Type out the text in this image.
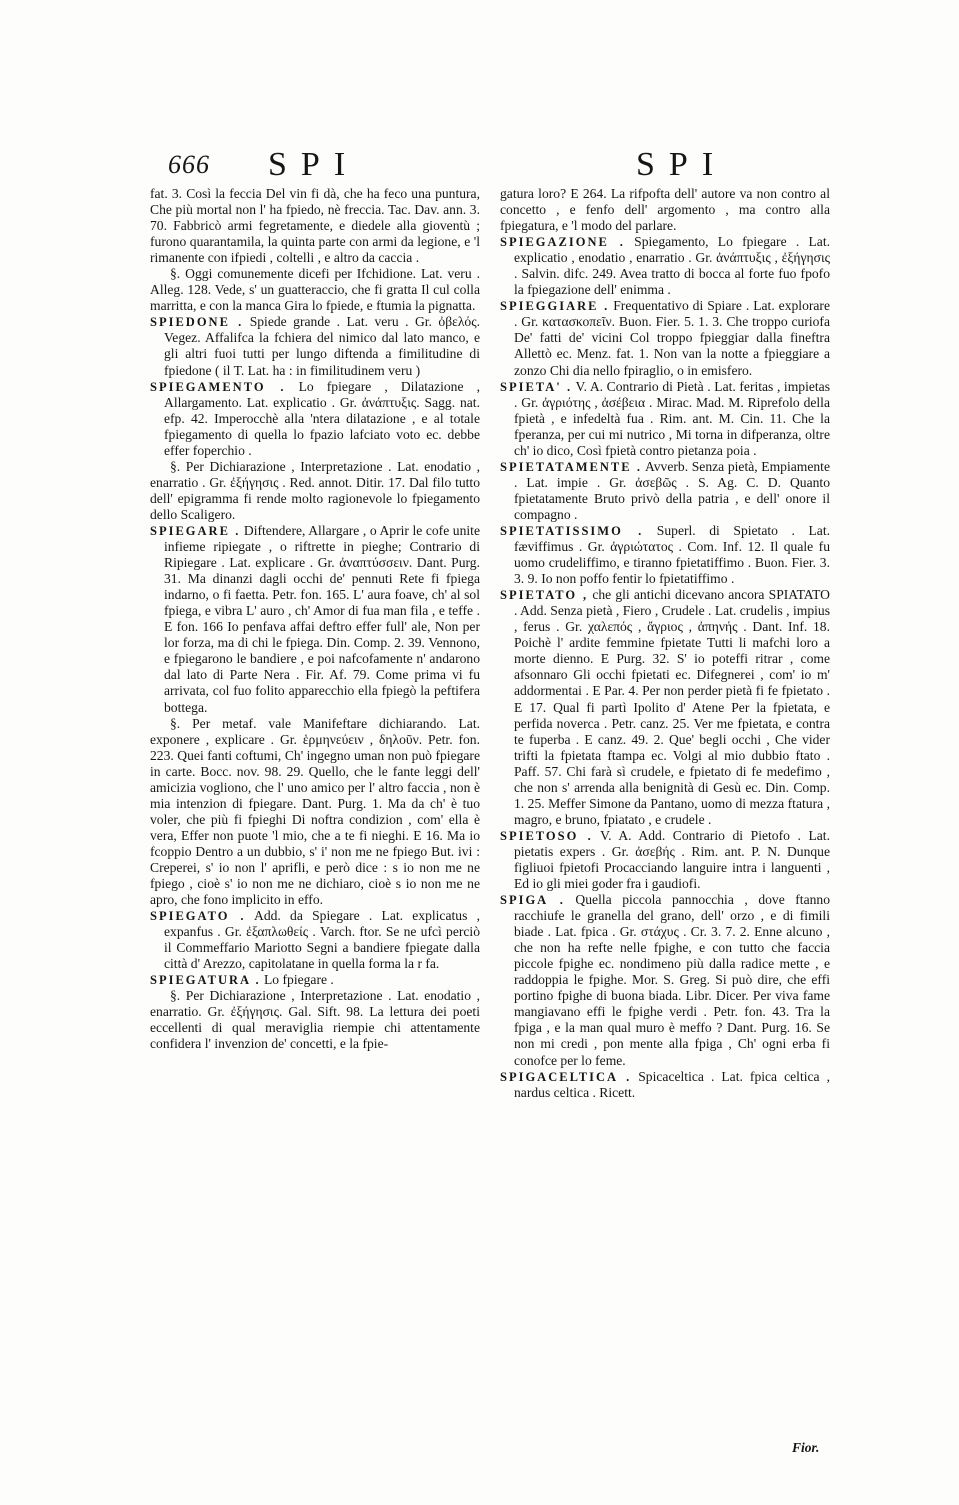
666 SPI	SPI

fat. 3. Così la feccia Del vin fi dà, che ha feco una puntura, Che più mortal non l' ha fpiedo, nè freccia. Tac. Dav. ann. 3. 70. Fabbricò armi fegretamente, e diedele alla gioventù ; furono quarantamila, la quinta parte con armi da legione, e 'l rimanente con ifpiedi , coltelli , e altro da caccia .

§. Oggi comunemente dicefi per Ifchidione. Lat. veru . Alleg. 128. Vede, s' un guatteraccio, che fi gratta Il cul colla marritta, e con la manca Gira lo fpiede, e ftumia la pignatta.

SPIEDONE . Spiede grande . Lat. veru . Gr. ὀβελός. Vegez. Affalifca la fchiera del nimico dal lato manco, e gli altri fuoi tutti per lungo diftenda a fimilitudine di fpiedone ( il T. Lat. ha : in fimilitudinem veru )

SPIEGAMENTO . Lo fpiegare , Dilatazione , Allargamento. Lat. explicatio . Gr. ἀνάπτυξις. Sagg. nat. efp. 42. Imperocchè alla 'ntera dilatazione , e al totale fpiegamento di quella lo fpazio lafciato voto ec. debbe effer foperchio .

§. Per Dichiarazione , Interpretazione . Lat. enodatio , enarratio . Gr. ἐξήγησις . Red. annot. Ditir. 17. Dal filo tutto dell' epigramma fi rende molto ragionevole lo fpiegamento dello Scaligero.

SPIEGARE . Diftendere, Allargare , o Aprir le cofe unite infieme ripiegate , o riftrette in pieghe; Contrario di Ripiegare . Lat. explicare . Gr. ἀναπτύσσειν. Dant. Purg. 31. Ma dinanzi dagli occhi de' pennuti Rete fi fpiega indarno, o fi faetta. Petr. fon. 165. L' aura foave, ch' al sol fpiega, e vibra L' auro , ch' Amor di fua man fila , e teffe . E fon. 166 Io penfava affai deftro effer full' ale, Non per lor forza, ma di chi le fpiega. Din. Comp. 2. 39. Vennono, e fpiegarono le bandiere , e poi nafcofamente n' andarono dal lato di Parte Nera . Fir. Af. 79. Come prima vi fu arrivata, col fuo folito apparecchio ella fpiegò la peftifera bottega.

§. Per metaf. vale Manifeftare dichiarando. Lat. exponere , explicare . Gr. ἑρμηνεύειν , δηλοῦν. Petr. fon. 223. Quei fanti coftumi, Ch' ingegno uman non può fpiegare in carte. Bocc. nov. 98. 29. Quello, che le fante leggi dell' amicizia vogliono, che l' uno amico per l' altro faccia , non è mia intenzion di fpiegare. Dant. Purg. 1. Ma da ch' è tuo voler, che più fi fpieghi Di noftra condizion , com' ella è vera, Effer non puote 'l mio, che a te fi nieghi. E 16. Ma io fcoppio Dentro a un dubbio, s' i' non me ne fpiego But. ivi : Creperei, s' io non l' aprifli, e però dice : s io non me ne fpiego , cioè s' io non me ne dichiaro, cioè s io non me ne apro, che fono implicito in effo.

SPIEGATO . Add. da Spiegare . Lat. explicatus , expanfus . Gr. ἐξαπλωθείς . Varch. ftor. Se ne ufcì perciò il Commeffario Mariotto Segni a bandiere fpiegate dalla città d' Arezzo, capitolatane in quella forma la r fa.

SPIEGATURA . Lo fpiegare .

§. Per Dichiarazione , Interpretazione . Lat. enodatio , enarratio. Gr. ἐξήγησις. Gal. Sift. 98. La lettura dei poeti eccellenti di qual meraviglia riempie chi attentamente confidera l' invenzion de' concetti, e la fpie-

gatura loro? E 264. La rifpofta dell' autore va non contro al concetto , e fenfo dell' argomento , ma contro alla fpiegatura, e 'l modo del parlare.

SPIEGAZIONE . Spiegamento, Lo fpiegare . Lat. explicatio , enodatio , enarratio . Gr. ἀνάπτυξις , ἐξήγησις . Salvin. difc. 249. Avea tratto di bocca al forte fuo fpofo la fpiegazione dell' enimma .

SPIEGGIARE . Frequentativo di Spiare . Lat. explorare . Gr. κατασκοπεῖν. Buon. Fier. 5. 1. 3. Che troppo curiofa De' fatti de' vicini Col troppo fpieggiar dalla fineftra Allettò ec. Menz. fat. 1. Non van la notte a fpieggiare a zonzo Chi dia nello fpiraglio, o in emisfero.

SPIETA' . V. A. Contrario di Pietà . Lat. feritas , impietas . Gr. ἀγριότης , ἀσέβεια . Mirac. Mad. M. Riprefolo della fpietà , e infedeltà fua . Rim. ant. M. Cin. 11. Che la fperanza, per cui mi nutrico , Mi torna in difperanza, oltre ch' io dico, Così fpietà contro pietanza poia .

SPIETATAMENTE . Avverb. Senza pietà, Empiamente . Lat. impie . Gr. ἀσεβῶς . S. Ag. C. D. Quanto fpietatamente Bruto privò della patria , e dell' onore il compagno .

SPIETATISSIMO . Superl. di Spietato . Lat. fæviffimus . Gr. ἀγριώτατος . Com. Inf. 12. Il quale fu uomo crudeliffimo, e tiranno fpietatiffimo . Buon. Fier. 3. 3. 9. Io non poffo fentir lo fpietatiffimo .

SPIETATO , che gli antichi dicevano ancora SPIATATO . Add. Senza pietà , Fiero , Crudele . Lat. crudelis , impius , ferus . Gr. χαλεπός , ἄγριος , ἀπηνής . Dant. Inf. 18. Poichè l' ardite femmine fpietate Tutti li mafchi loro a morte dienno. E Purg. 32. S' io poteffi ritrar , come afsonnaro Gli occhi fpietati ec. Difegnerei , com' io m' addormentai . E Par. 4. Per non perder pietà fi fe fpietato . E 17. Qual fi partì Ipolito d' Atene Per la fpietata, e perfida noverca . Petr. canz. 25. Ver me fpietata, e contra te fuperba . E canz. 49. 2. Que' begli occhi , Che vider trifti la fpietata ftampa ec. Volgi al mio dubbio ftato . Paff. 57. Chi farà sì crudele, e fpietato di fe medefimo , che non s' arrenda alla benignità di Gesù ec. Din. Comp. 1. 25. Meffer Simone da Pantano, uomo di mezza ftatura , magro, e bruno, fpiatato , e crudele .

SPIETOSO . V. A. Add. Contrario di Pietofo . Lat. pietatis expers . Gr. ἀσεβής . Rim. ant. P. N. Dunque figliuoi fpietofi Procacciando languire intra i languenti , Ed io gli miei goder fra i gaudiofi.

SPIGA . Quella piccola pannocchia , dove ftanno racchiufe le granella del grano, dell' orzo , e di fimili biade . Lat. fpica . Gr. στάχυς . Cr. 3. 7. 2. Enne alcuno , che non ha refte nelle fpighe, e con tutto che faccia piccole fpighe ec. nondimeno più dalla radice mette , e raddoppia le fpighe. Mor. S. Greg. Si può dire, che effi portino fpighe di buona biada. Libr. Dicer. Per viva fame mangiavano effi le fpighe verdi . Petr. fon. 43. Tra la fpiga , e la man qual muro è meffo ? Dant. Purg. 16. Se non mi credi , pon mente alla fpiga , Ch' ogni erba fi conofce per lo feme.

SPIGACELTICA . Spicaceltica . Lat. fpica celtica , nardus celtica . Ricett.

Fior.
